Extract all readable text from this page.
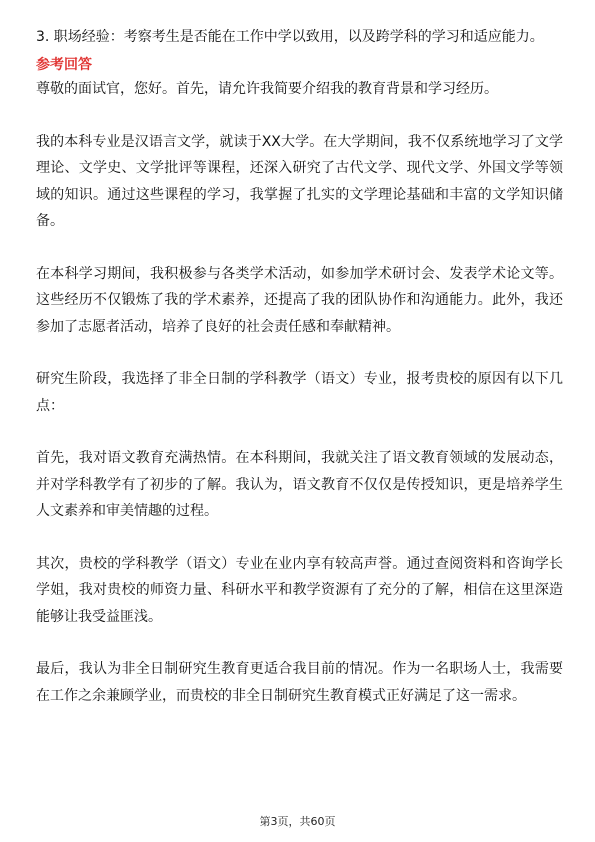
3. 职场经验：考察考生是否能在工作中学以致用，以及跨学科的学习和适应能力。

参考回答

尊敬的面试官，您好。首先，请允许我简要介绍我的教育背景和学习经历。

我的本科专业是汉语言文学，就读于XX大学。在大学期间，我不仅系统地学习了文学理论、文学史、文学批评等课程，还深入研究了古代文学、现代文学、外国文学等领域的知识。通过这些课程的学习，我掌握了扎实的文学理论基础和丰富的文学知识储备。

在本科学习期间，我积极参与各类学术活动，如参加学术研讨会、发表学术论文等。这些经历不仅锻炼了我的学术素养，还提高了我的团队协作和沟通能力。此外，我还参加了志愿者活动，培养了良好的社会责任感和奉献精神。

研究生阶段，我选择了非全日制的学科教学（语文）专业，报考贵校的原因有以下几点：

首先，我对语文教育充满热情。在本科期间，我就关注了语文教育领域的发展动态，并对学科教学有了初步的了解。我认为，语文教育不仅仅是传授知识，更是培养学生人文素养和审美情趣的过程。

其次，贵校的学科教学（语文）专业在业内享有较高声誉。通过查阅资料和咨询学长学姐，我对贵校的师资力量、科研水平和教学资源有了充分的了解，相信在这里深造能够让我受益匪浅。

最后，我认为非全日制研究生教育更适合我目前的情况。作为一名职场人士，我需要在工作之余兼顾学业，而贵校的非全日制研究生教育模式正好满足了这一需求。

第3页，共60页
